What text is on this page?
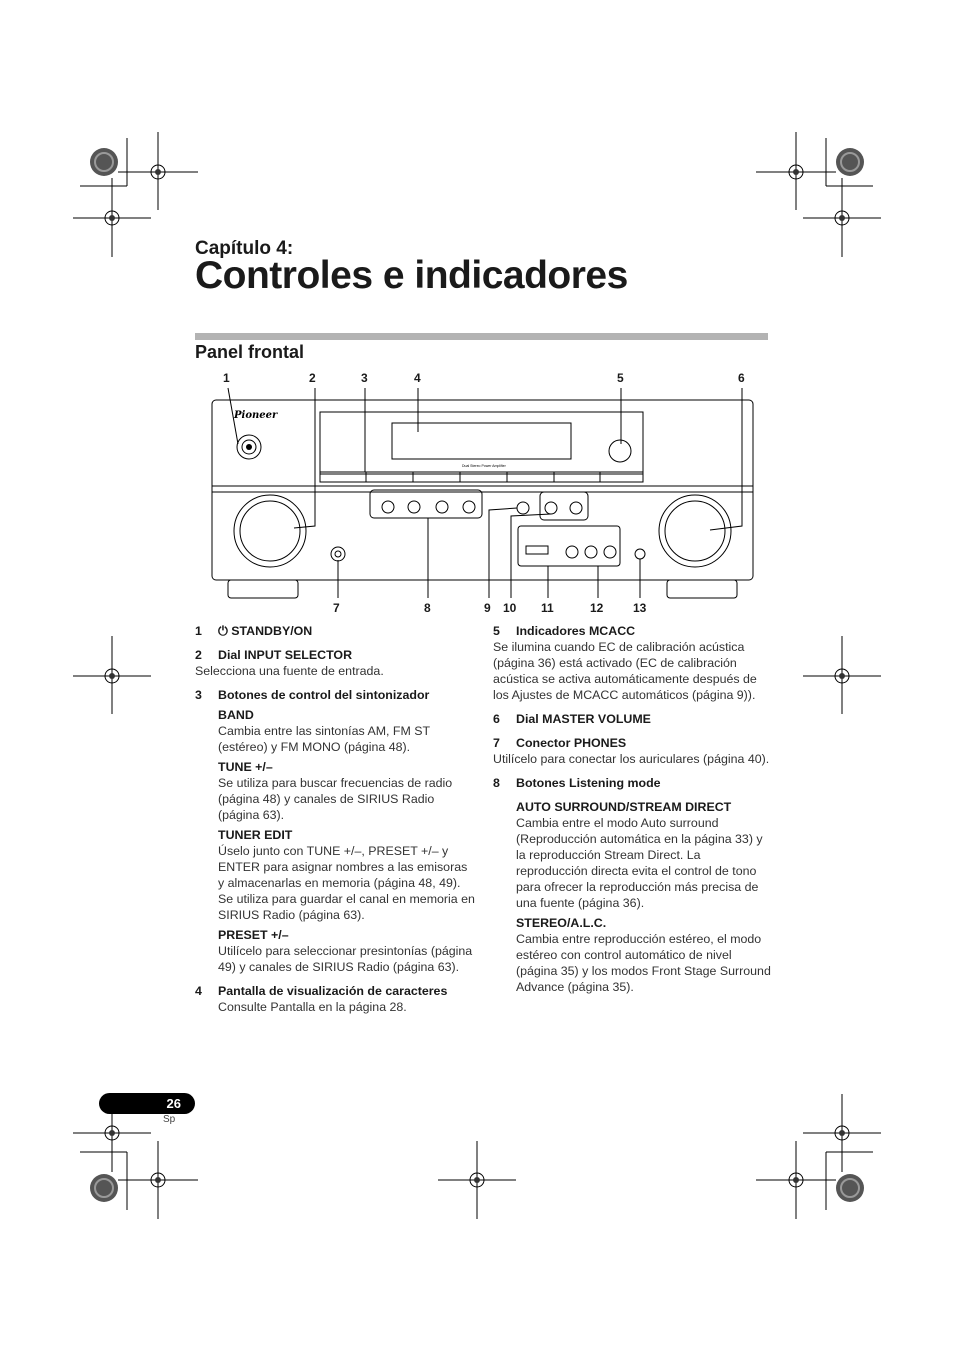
Capítulo 4:
Controles e indicadores
Panel frontal
Pioneer
Dual Stereo Power Amplifier
1	2	3	4	5	6
7	8	9 10 11	12 13
1	⏻ STANDBY/ON
2	Dial INPUT SELECTOR
Selecciona una fuente de entrada.
3	Botones de control del sintonizador
BAND
Cambia entre las sintonías AM, FM ST (estéreo) y FM MONO (página 48).
TUNE +/–
Se utiliza para buscar frecuencias de radio (página 48) y canales de SIRIUS Radio (página 63).
TUNER EDIT
Úselo junto con TUNE +/–, PRESET +/– y ENTER para asignar nombres a las emisoras y almacenarlas en memoria (página 48, 49). Se utiliza para guardar el canal en memoria en SIRIUS Radio (página 63).
PRESET +/–
Utilícelo para seleccionar presintonías (página 49) y canales de SIRIUS Radio (página 63).
4	Pantalla de visualización de caracteres
Consulte Pantalla en la página 28.
5	Indicadores MCACC
Se ilumina cuando EC de calibración acústica (página 36) está activado (EC de calibración acústica se activa automáticamente después de los Ajustes de MCACC automáticos (página 9)).
6	Dial MASTER VOLUME
7	Conector PHONES
Utilícelo para conectar los auriculares (página 40).
8	Botones Listening mode
AUTO SURROUND/STREAM DIRECT
Cambia entre el modo Auto surround (Reproducción automática en la página 33) y la reproducción Stream Direct. La reproducción directa evita el control de tono para ofrecer la reproducción más precisa de una fuente (página 36).
STEREO/A.L.C.
Cambia entre reproducción estéreo, el modo estéreo con control automático de nivel (página 35) y los modos Front Stage Surround Advance (página 35).
26
Sp
